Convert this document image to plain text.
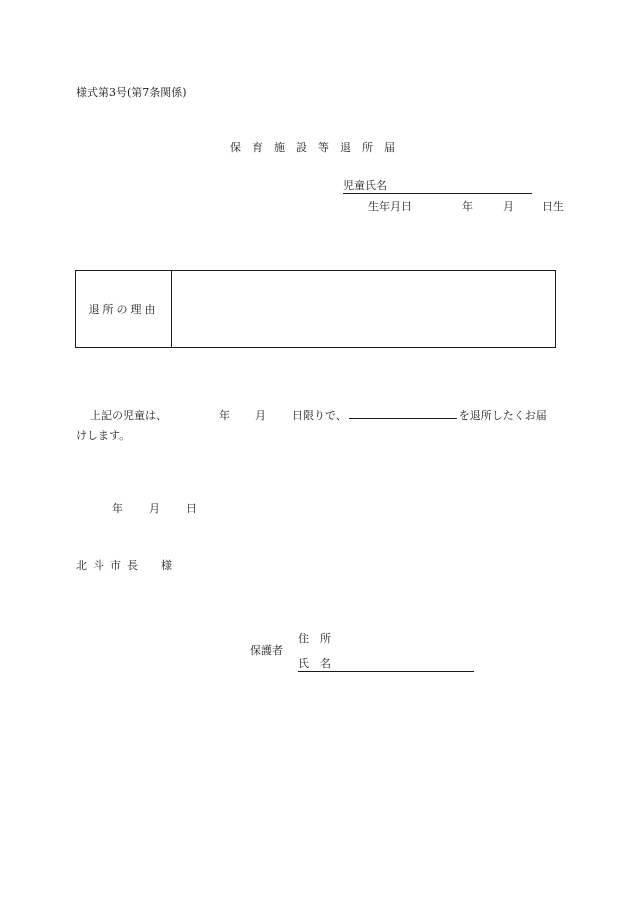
様式第3号(第7条関係)
保育施設等退所届
児童氏名
生年月日	年	月	日生
退所の理由
上記の児童は、	年 月 日限りで、	を退所したくお届
けします。
年 月 日
北斗市長　様
保護者
住　所
氏　名
